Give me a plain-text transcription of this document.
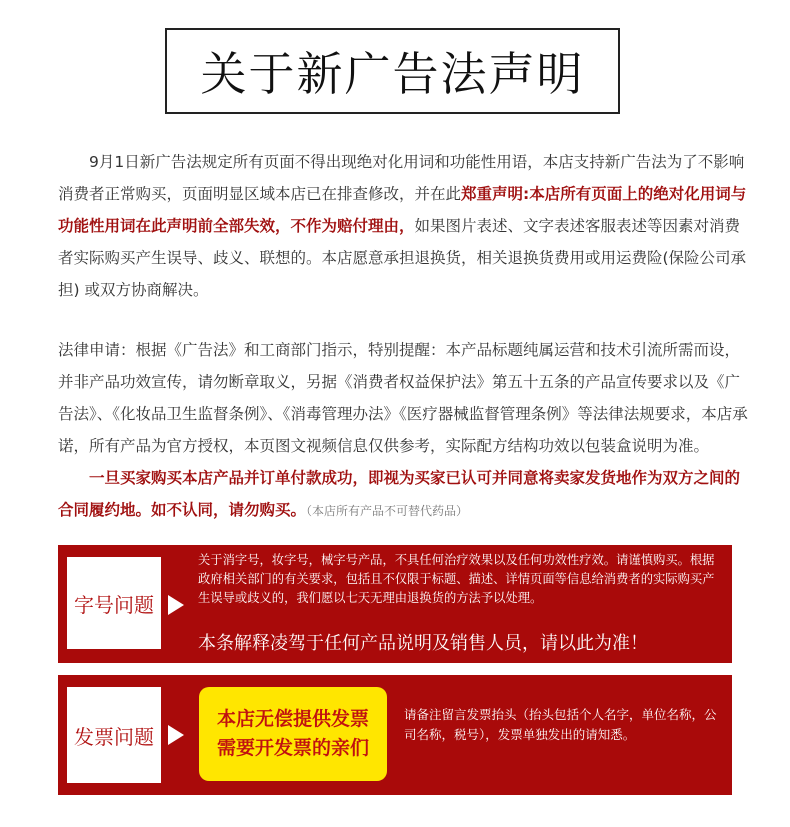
关于新广告法声明

9月1日新广告法规定所有页面不得出现绝对化用词和功能性用语，本店支持新广告法为了不影响消费者正常购买，页面明显区域本店已在排查修改，并在此郑重声明:本店所有页面上的绝对化用词与功能性用词在此声明前全部失效，不作为赔付理由，如果图片表述、文字表述客服表述等因素对消费者实际购买产生误导、歧义、联想的。本店愿意承担退换货，相关退换货费用或用运费险(保险公司承担) 或双方协商解决。

法律申请：根据《广告法》和工商部门指示，特别提醒：本产品标题纯属运营和技术引流所需而设，并非产品功效宣传，请勿断章取义，另据《消费者权益保护法》第五十五条的产品宣传要求以及《广告法》、《化妆品卫生监督条例》、《消毒管理办法》《医疗器械监督管理条例》等法律法规要求，本店承诺，所有产品为官方授权，本页图文视频信息仅供参考，实际配方结构功效以包装盒说明为准。

一旦买家购买本店产品并订单付款成功，即视为买家已认可并同意将卖家发货地作为双方之间的合同履约地。如不认同，请勿购买。（本店所有产品不可替代药品）

字号问题
关于消字号，妆字号，械字号产品，不具任何治疗效果以及任何功效性疗效。请谨慎购买。根据政府相关部门的有关要求，包括且不仅限于标题、描述、详情页面等信息给消费者的实际购买产生误导或歧义的，我们愿以七天无理由退换货的方法予以处理。
本条解释凌驾于任何产品说明及销售人员，请以此为准！
发票问题
本店无偿提供发票
需要开发票的亲们
请备注留言发票抬头（抬头包括个人名字，单位名称，公司名称，税号），发票单独发出的请知悉。
